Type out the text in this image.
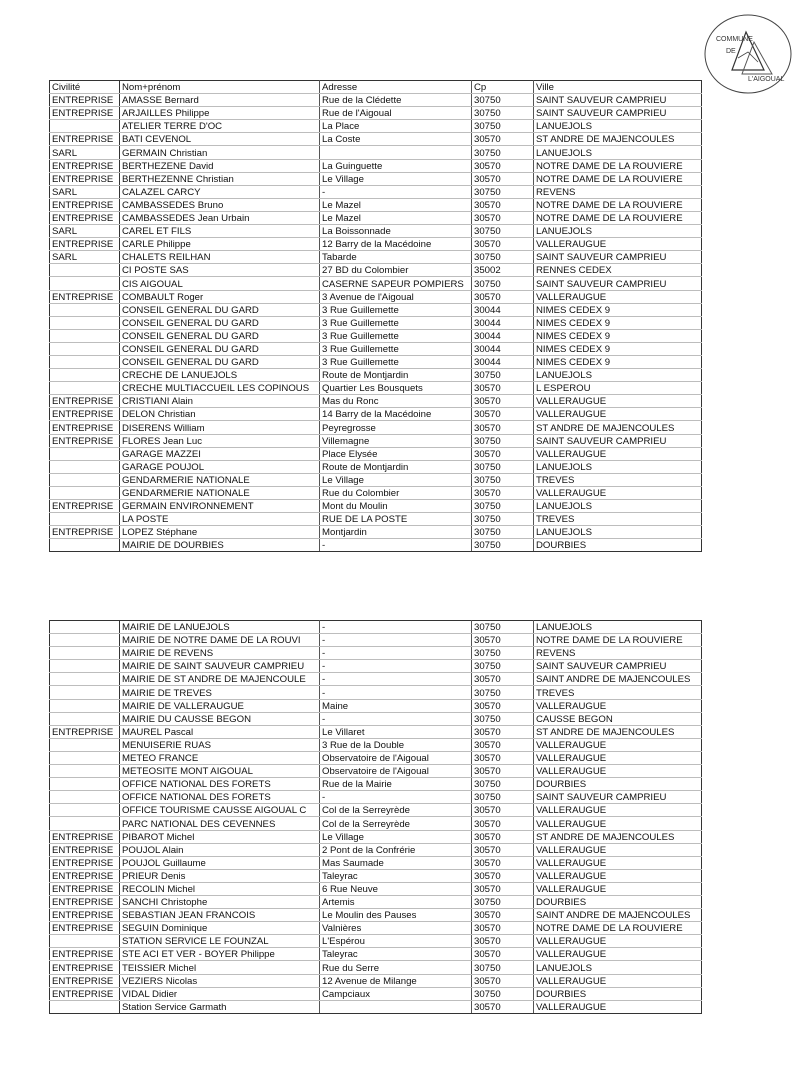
COMMUNE
DE
L'AIGOUAL
Civilité	Nom+prénom	Adresse	Cp	Ville
ENTREPRISE	AMASSE Bernard	Rue de la Clédette	30750	SAINT SAUVEUR CAMPRIEU
ENTREPRISE	ARJAILLES Philippe	Rue de l'Aigoual	30750	SAINT SAUVEUR CAMPRIEU
	ATELIER TERRE D'OC	La Place	30750	LANUEJOLS
ENTREPRISE	BATI CEVENOL	La Coste	30570	ST ANDRE DE MAJENCOULES
SARL	GERMAIN Christian		30750	LANUEJOLS
ENTREPRISE	BERTHEZENE David	La Guinguette	30570	NOTRE DAME DE LA ROUVIERE
ENTREPRISE	BERTHEZENNE Christian	Le Village	30570	NOTRE DAME DE LA ROUVIERE
SARL	CALAZEL CARCY	-	30750	REVENS
ENTREPRISE	CAMBASSEDES Bruno	Le Mazel	30570	NOTRE DAME DE LA ROUVIERE
ENTREPRISE	CAMBASSEDES Jean Urbain	Le Mazel	30570	NOTRE DAME DE LA ROUVIERE
SARL	CAREL ET FILS	La Boissonnade	30750	LANUEJOLS
ENTREPRISE	CARLE Philippe	12 Barry de la Macédoine	30570	VALLERAUGUE
SARL	CHALETS REILHAN	Tabarde	30750	SAINT SAUVEUR CAMPRIEU
	CI POSTE SAS	27 BD du Colombier	35002	RENNES CEDEX
	CIS AIGOUAL	CASERNE SAPEUR POMPIERS	30750	SAINT SAUVEUR CAMPRIEU
ENTREPRISE	COMBAULT Roger	3 Avenue de l'Aigoual	30570	VALLERAUGUE
	CONSEIL GENERAL DU GARD	3 Rue Guillemette	30044	NIMES CEDEX 9
	CONSEIL GENERAL DU GARD	3 Rue Guillemette	30044	NIMES CEDEX 9
	CONSEIL GENERAL DU GARD	3 Rue Guillemette	30044	NIMES CEDEX 9
	CONSEIL GENERAL DU GARD	3 Rue Guillemette	30044	NIMES CEDEX 9
	CONSEIL GENERAL DU GARD	3 Rue Guillemette	30044	NIMES CEDEX 9
	CRECHE DE LANUEJOLS	Route de Montjardin	30750	LANUEJOLS
	CRECHE MULTIACCUEIL LES COPINOUS	Quartier Les Bousquets	30570	L ESPEROU
ENTREPRISE	CRISTIANI Alain	Mas du Ronc	30570	VALLERAUGUE
ENTREPRISE	DELON Christian	14 Barry de la Macédoine	30570	VALLERAUGUE
ENTREPRISE	DISERENS William	Peyregrosse	30570	ST ANDRE DE MAJENCOULES
ENTREPRISE	FLORES Jean Luc	Villemagne	30750	SAINT SAUVEUR CAMPRIEU
	GARAGE MAZZEI	Place Elysée	30570	VALLERAUGUE
	GARAGE POUJOL	Route de Montjardin	30750	LANUEJOLS
	GENDARMERIE NATIONALE	Le Village	30750	TREVES
	GENDARMERIE NATIONALE	Rue du Colombier	30570	VALLERAUGUE
ENTREPRISE	GERMAIN ENVIRONNEMENT	Mont du Moulin	30750	LANUEJOLS
	LA POSTE	RUE DE LA POSTE	30750	TREVES
ENTREPRISE	LOPEZ Stéphane	Montjardin	30750	LANUEJOLS
	MAIRIE DE DOURBIES	-	30750	DOURBIES
	MAIRIE DE LANUEJOLS	-	30750	LANUEJOLS
	MAIRIE DE NOTRE DAME DE LA ROUVI	-	30570	NOTRE DAME DE LA ROUVIERE
	MAIRIE DE REVENS	-	30750	REVENS
	MAIRIE DE SAINT SAUVEUR CAMPRIEU	-	30750	SAINT SAUVEUR CAMPRIEU
	MAIRIE DE ST ANDRE DE MAJENCOULE	-	30570	SAINT ANDRE DE MAJENCOULES
	MAIRIE DE TREVES	-	30750	TREVES
	MAIRIE DE VALLERAUGUE	Maine	30570	VALLERAUGUE
	MAIRIE DU CAUSSE BEGON	-	30750	CAUSSE BEGON
ENTREPRISE	MAUREL Pascal	Le Villaret	30570	ST ANDRE DE MAJENCOULES
	MENUISERIE RUAS	3 Rue de la Double	30570	VALLERAUGUE
	METEO FRANCE	Observatoire de l'Aigoual	30570	VALLERAUGUE
	METEOSITE MONT AIGOUAL	Observatoire de l'Aigoual	30570	VALLERAUGUE
	OFFICE NATIONAL DES FORETS	Rue de la Mairie	30750	DOURBIES
	OFFICE NATIONAL DES FORETS	-	30750	SAINT SAUVEUR CAMPRIEU
	OFFICE TOURISME CAUSSE AIGOUAL C	Col de la Serreyrède	30570	VALLERAUGUE
	PARC NATIONAL DES CEVENNES	Col de la Serreyrède	30570	VALLERAUGUE
ENTREPRISE	PIBAROT Michel	Le Village	30570	ST ANDRE DE MAJENCOULES
ENTREPRISE	POUJOL Alain	2 Pont de la Confrérie	30570	VALLERAUGUE
ENTREPRISE	POUJOL Guillaume	Mas Saumade	30570	VALLERAUGUE
ENTREPRISE	PRIEUR Denis	Taleyrac	30570	VALLERAUGUE
ENTREPRISE	RECOLIN Michel	6 Rue Neuve	30570	VALLERAUGUE
ENTREPRISE	SANCHI Christophe	Artemis	30750	DOURBIES
ENTREPRISE	SEBASTIAN JEAN FRANCOIS	Le Moulin des Pauses	30570	SAINT ANDRE DE MAJENCOULES
ENTREPRISE	SEGUIN Dominique	Valnières	30570	NOTRE DAME DE LA ROUVIERE
	STATION SERVICE LE FOUNZAL	L'Espérou	30570	VALLERAUGUE
ENTREPRISE	STE ACI ET VER - BOYER Philippe	Taleyrac	30570	VALLERAUGUE
ENTREPRISE	TEISSIER Michel	Rue du Serre	30750	LANUEJOLS
ENTREPRISE	VEZIERS Nicolas	12 Avenue de Milange	30570	VALLERAUGUE
ENTREPRISE	VIDAL Didier	Campciaux	30750	DOURBIES
	Station Service Garmath		30570	VALLERAUGUE
